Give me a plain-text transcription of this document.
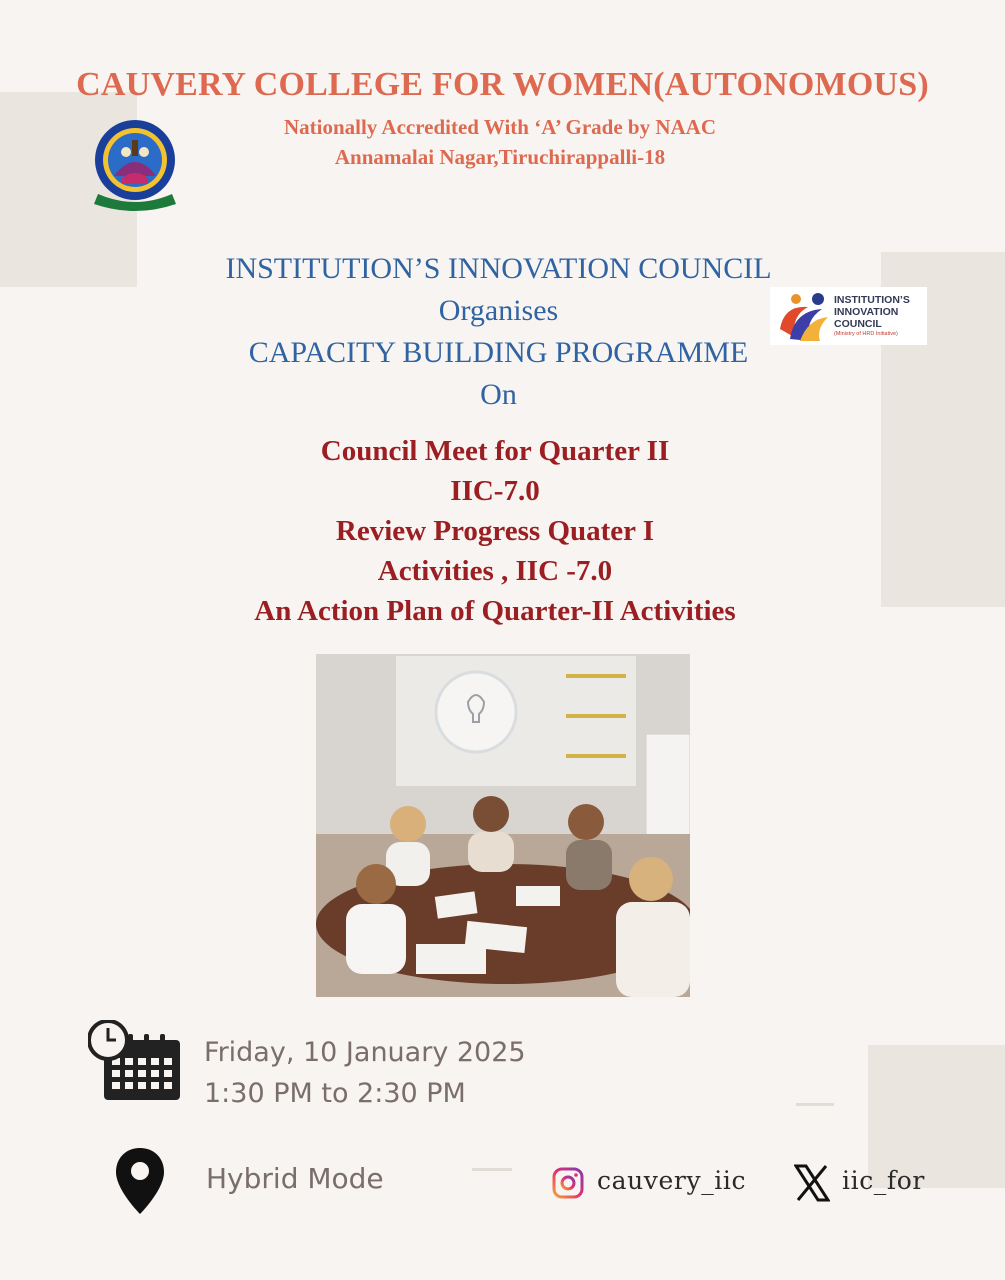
CAUVERY COLLEGE FOR WOMEN(AUTONOMOUS)
Nationally Accredited With ‘A’ Grade by NAAC
Annamalai Nagar,Tiruchirappalli-18
INSTITUTION’S INNOVATION COUNCIL
Organises
CAPACITY BUILDING PROGRAMME
On
INSTITUTION’S
INNOVATION
COUNCIL
(Ministry of HRD Initiative)
Council Meet for Quarter II
IIC-7.0
Review Progress Quater I
Activities , IIC -7.0
An Action Plan of Quarter-II Activities
Friday, 10 January 2025
1:30 PM to 2:30 PM
Hybrid Mode	cauvery_iic	iic_for
